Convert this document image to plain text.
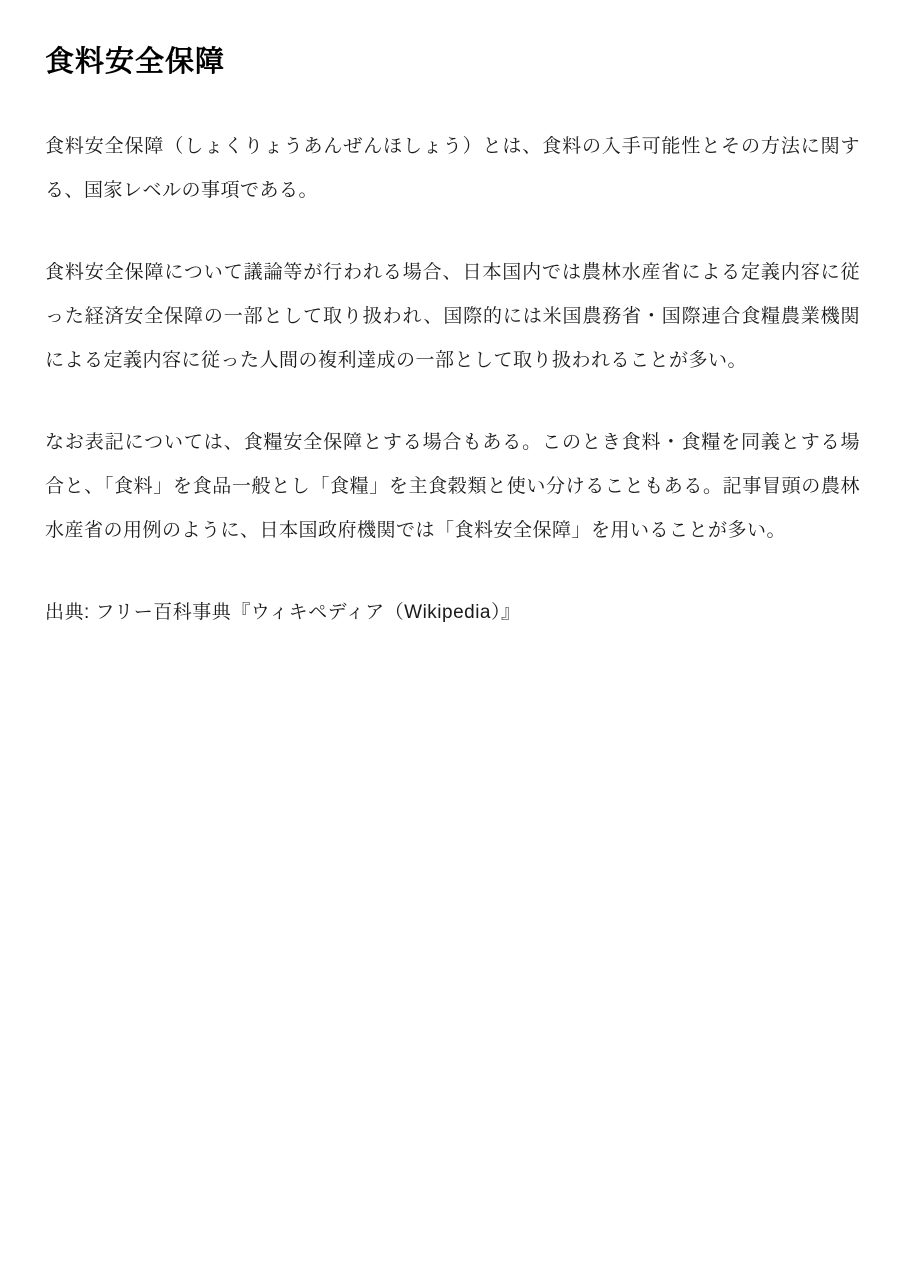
食料安全保障

食料安全保障（しょくりょうあんぜんほしょう）とは、食料の入手可能性とその方法に関する、国家レベルの事項である。

食料安全保障について議論等が行われる場合、日本国内では農林水産省による定義内容に従った経済安全保障の一部として取り扱われ、国際的には米国農務省・国際連合食糧農業機関による定義内容に従った人間の複利達成の一部として取り扱われることが多い。

なお表記については、食糧安全保障とする場合もある。このとき食料・食糧を同義とする場合と、「食料」を食品一般とし「食糧」を主食穀類と使い分けることもある。記事冒頭の農林水産省の用例のように、日本国政府機関では「食料安全保障」を用いることが多い。

出典: フリー百科事典『ウィキペディア（Wikipedia）』
